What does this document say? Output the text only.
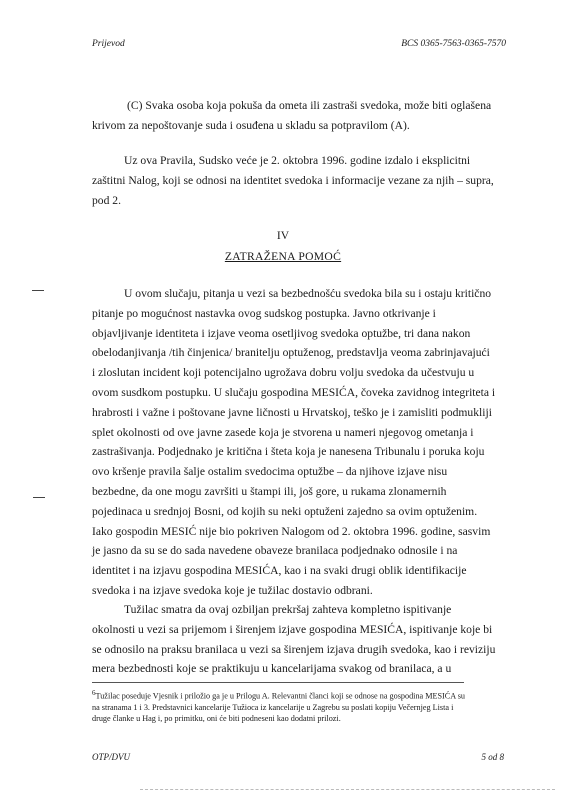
Prijevod	BCS 0365-7563-0365-7570

(C) Svaka osoba koja pokuša da ometa ili zastraši svedoka, može biti oglašena krivom za nepoštovanje suda i osuđena u skladu sa potpravilom (A).

Uz ova Pravila, Sudsko veće je 2. oktobra 1996. godine izdalo i eksplicitni zaštitni Nalog, koji se odnosi na identitet svedoka i informacije vezane za njih – supra, pod 2.

IV
ZATRAŽENA POMOĆ

U ovom slučaju, pitanja u vezi sa bezbednošću svedoka bila su i ostaju kritično pitanje po mogućnost nastavka ovog sudskog postupka. Javno otkrivanje i objavljivanje identiteta i izjave veoma osetljivog svedoka optužbe, tri dana nakon obelodanjivanja /tih činjenica/ branitelju optuženog, predstavlja veoma zabrinjavajući i zloslutan incident koji potencijalno ugrožava dobru volju svedoka da učestvuju u ovom susdkom postupku. U slučaju gospodina MESIĆA, čoveka zavidnog integriteta i hrabrosti i važne i poštovane javne ličnosti u Hrvatskoj, teško je i zamisliti podmukliji splet okolnosti od ove javne zasede koja je stvorena u nameri njegovog ometanja i zastrašivanja. Podjednako je kritična i šteta koja je nanesena Tribunalu i poruka koju ovo kršenje pravila šalje ostalim svedocima optužbe – da njihove izjave nisu bezbedne, da one mogu završiti u štampi ili, još gore, u rukama zlonamernih pojedinaca u srednjoj Bosni, od kojih su neki optuženi zajedno sa ovim optuženim. Iako gospodin MESIĆ nije bio pokriven Nalogom od 2. oktobra 1996. godine, sasvim je jasno da su se do sada navedene obaveze branilaca podjednako odnosile i na identitet i na izjavu gospodina MESIĆA, kao i na svaki drugi oblik identifikacije svedoka i na izjave svedoka koje je tužilac dostavio odbrani.

Tužilac smatra da ovaj ozbiljan prekršaj zahteva kompletno ispitivanje okolnosti u vezi sa prijemom i širenjem izjave gospodina MESIĆA, ispitivanje koje bi se odnosilo na praksu branilaca u vezi sa širenjem izjava drugih svedoka, kao i reviziju mera bezbednosti koje se praktikuju u kancelarijama svakog od branilaca, a u

6Tužilac poseduje Vjesnik i priložio ga je u Prilogu A. Relevantni članci koji se odnose na gospodina MESIĆA su na stranama 1 i 3. Predstavnici kancelarije Tužioca iz kancelarije u Zagrebu su poslati kopiju Večernjeg Lista i druge članke u Hag i, po primitku, oni će biti podneseni kao dodatni prilozi.

OTP/DVU	5 od 8
